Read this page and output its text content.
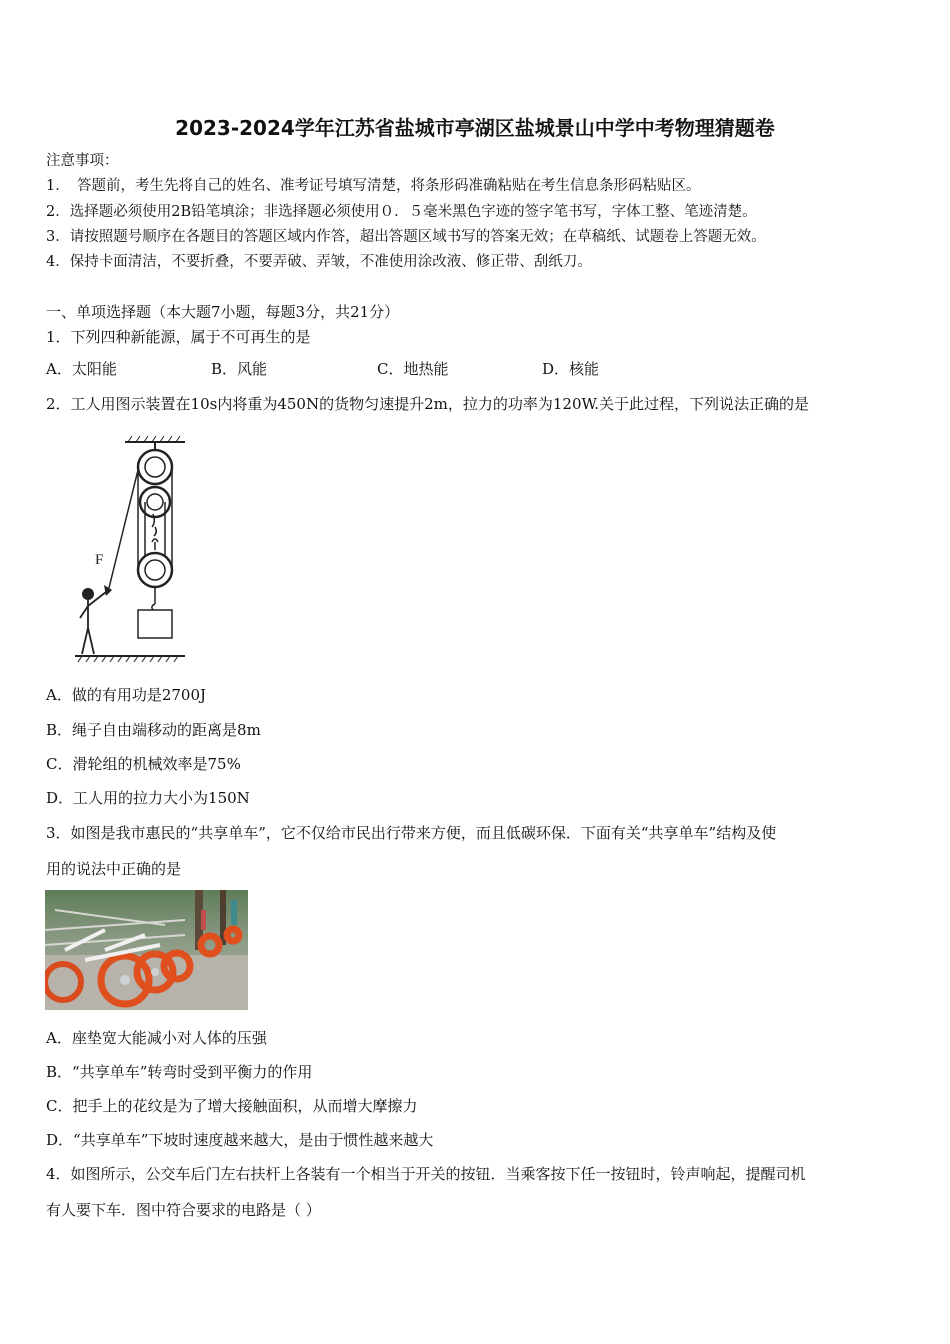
2023-2024学年江苏省盐城市亭湖区盐城景山中学中考物理猜题卷
注意事项：
1．　答题前，考生先将自己的姓名、准考证号填写清楚，将条形码准确粘贴在考生信息条形码粘贴区。
2．选择题必须使用2B铅笔填涂；非选择题必须使用０．５毫米黑色字迹的签字笔书写，字体工整、笔迹清楚。
3．请按照题号顺序在各题目的答题区域内作答，超出答题区域书写的答案无效；在草稿纸、试题卷上答题无效。
4．保持卡面清洁，不要折叠，不要弄破、弄皱，不准使用涂改液、修正带、刮纸刀。
一、单项选择题（本大题7小题，每题3分，共21分）
1．下列四种新能源，属于不可再生的是
A．太阳能	B．风能	C．地热能	D．核能
2．工人用图示装置在10s内将重为450N的货物匀速提升2m，拉力的功率为120W.关于此过程，下列说法正确的是
F
A．做的有用功是2700J
B．绳子自由端移动的距离是8m
C．滑轮组的机械效率是75%
D．工人用的拉力大小为150N
3．如图是我市惠民的“共享单车”，它不仅给市民出行带来方便，而且低碳环保．下面有关“共享单车”结构及使
用的说法中正确的是
A．座垫宽大能减小对人体的压强
B．“共享单车”转弯时受到平衡力的作用
C．把手上的花纹是为了增大接触面积，从而增大摩擦力
D．“共享单车”下坡时速度越来越大，是由于惯性越来越大
4．如图所示，公交车后门左右扶杆上各装有一个相当于开关的按钮．当乘客按下任一按钮时，铃声响起，提醒司机
有人要下车．图中符合要求的电路是（ ）
